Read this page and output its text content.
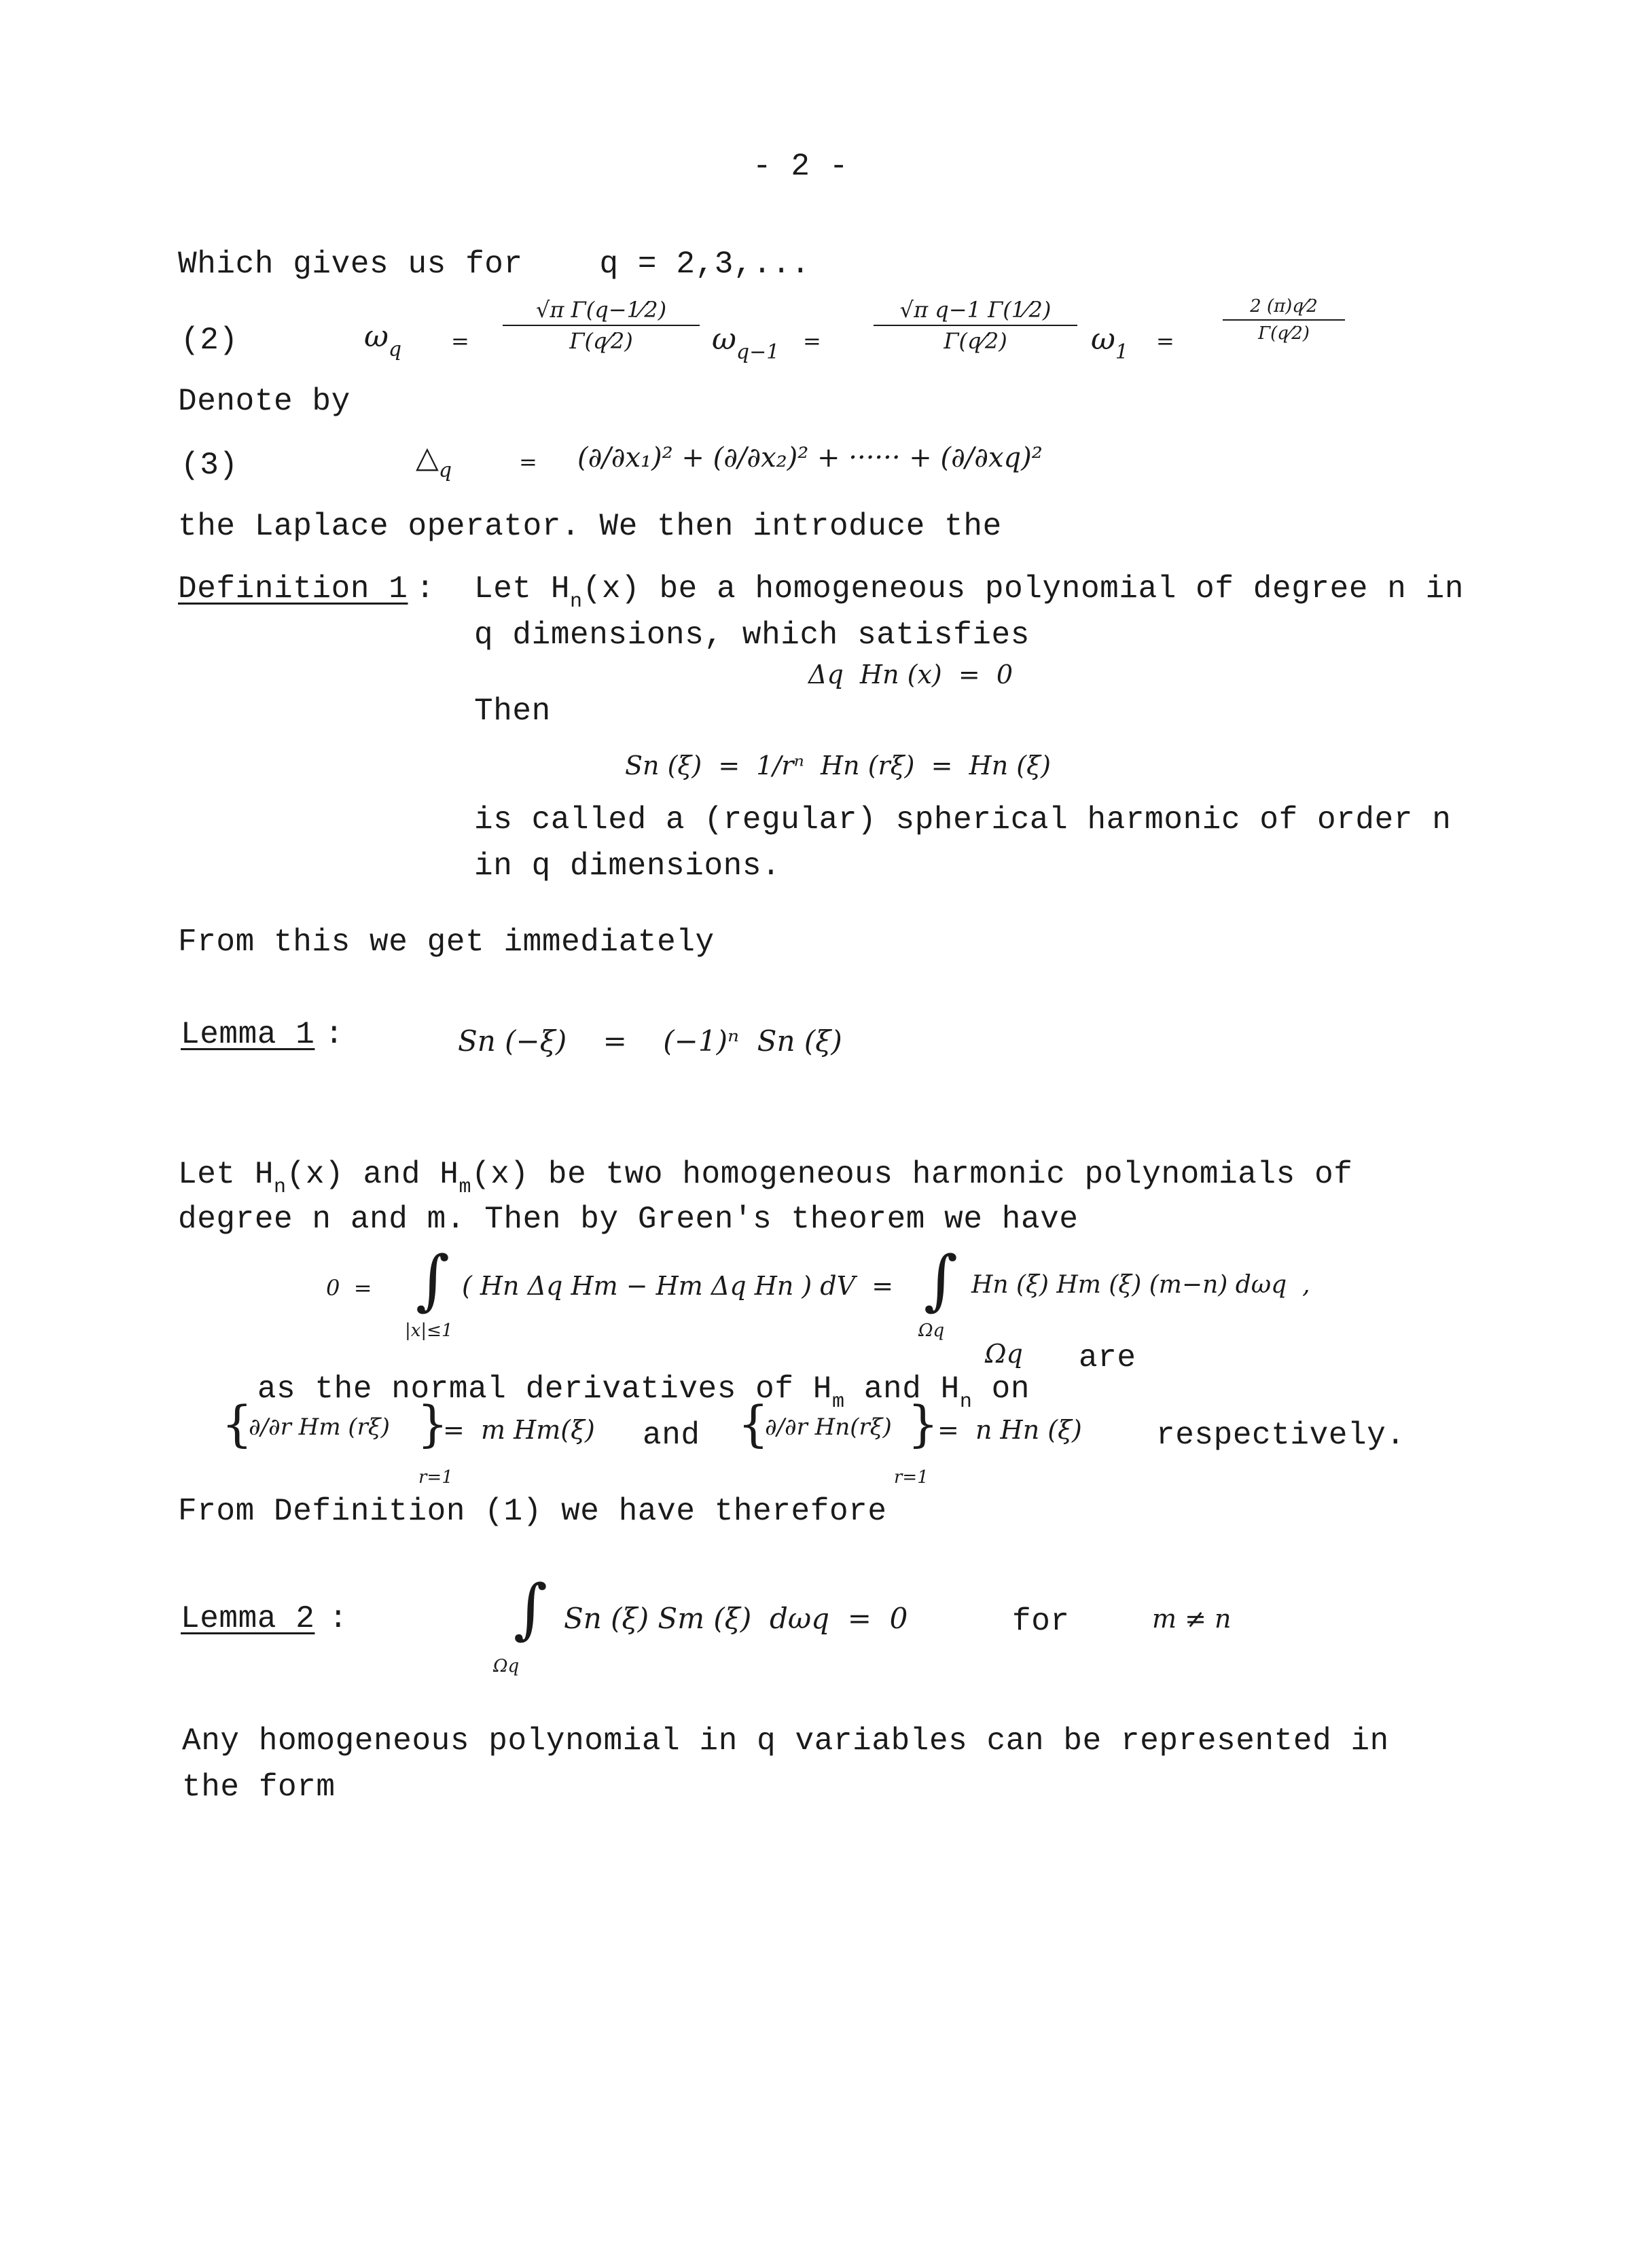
- 2 -
Which gives us for    q = 2,3,...
(2)	$\omega_q$ =
√π Γ(q−1⁄2)
Γ(q⁄2)	$\omega_{q-1}$ =
√π q−1 Γ(1⁄2)
Γ(q⁄2)	$\omega_1$ =
2 (π)q⁄2
Γ(q⁄2)
Denote by
(3)	$\triangle_q$	= (∂/∂x₁)² + (∂/∂x₂)² + ······ + (∂/∂xq)²
the Laplace operator. We then introduce the
Definition 1 : Let $H_n(x)$ be a homogeneous polynomial of degree n in
q dimensions, which satisfies
Δq  Hn (x)  =  0
Then
Sn (ξ)  =  1/rⁿ  Hn (rξ)  =  Hn (ξ)
is called a (regular) spherical harmonic of order n
in q dimensions.
From this we get immediately
Lemma 1 :	Sn (−ξ)    =    (−1)ⁿ  Sn (ξ)
Let $H_n(x)$ and $H_m(x)$ be two homogeneous harmonic polynomials of
degree n and m. Then by Green's theorem we have
0  = ∫
|x|≤1
( Hn Δq Hm − Hm Δq Hn ) dV  = ∫
Ωq
Hn (ξ) Hm (ξ) (m−n) dωq  ,

as the normal derivatives of $H_m$ and $H_n$ on

Ωq are
{
∂/∂r Hm (rξ) }
r=1
=  m Hm(ξ) and {
∂/∂r Hn(rξ) }
r=1
=  n Hn (ξ) respectively.
From Definition (1) we have therefore
Lemma 2 :	∫
Ωq
Sn (ξ) Sm (ξ)  dωq  =  0	for	m ≠ n
Any homogeneous polynomial in q variables can be represented in
the form
